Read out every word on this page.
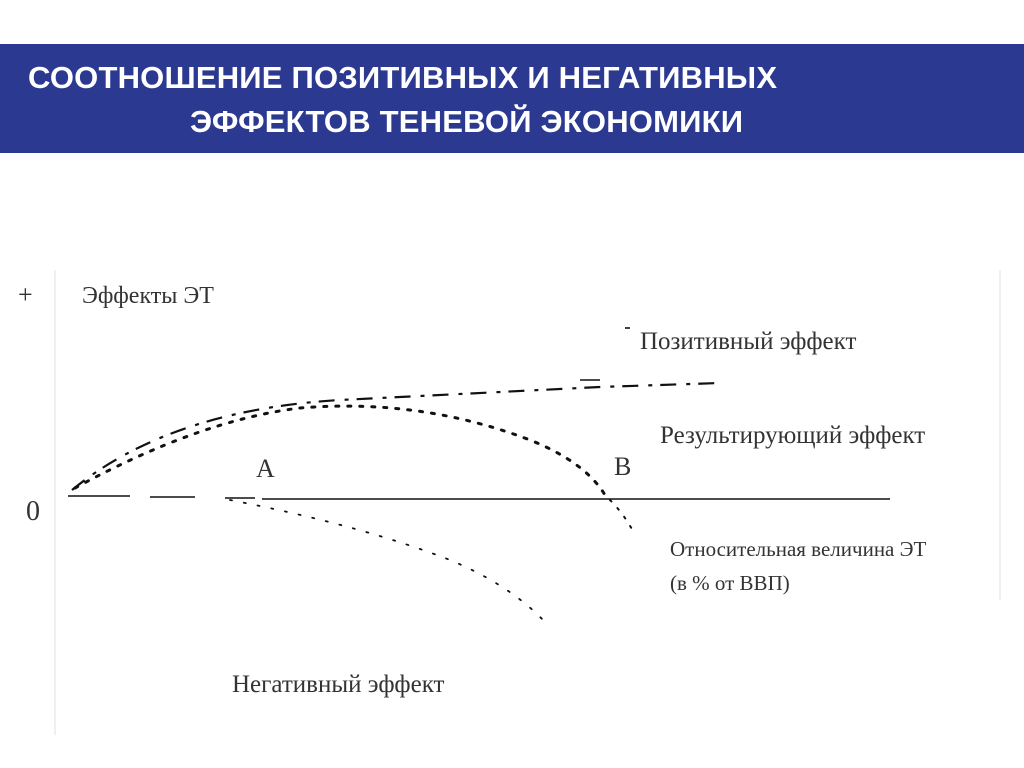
СООТНОШЕНИЕ ПОЗИТИВНЫХ И НЕГАТИВНЫХ
ЭФФЕКТОВ ТЕНЕВОЙ ЭКОНОМИКИ
+ Эффекты ЭТ
0
A	B
Позитивный эффект
Результирующий эффект
Относительная величина ЭТ
(в % от ВВП)
Негативный эффект
